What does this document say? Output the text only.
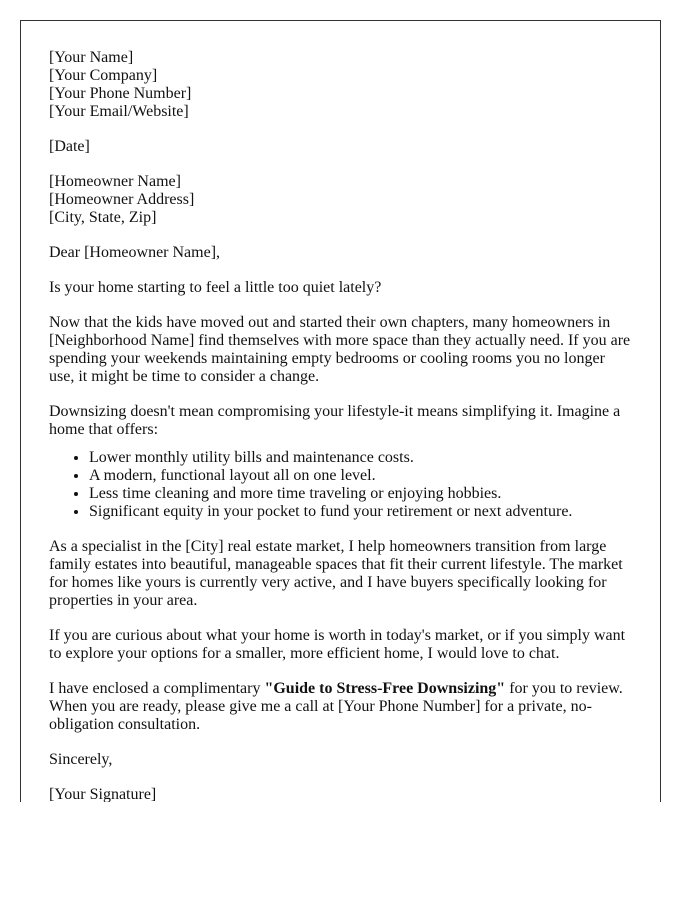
[Your Name]
[Your Company]
[Your Phone Number]
[Your Email/Website]

[Date]

[Homeowner Name]
[Homeowner Address]
[City, State, Zip]

Dear [Homeowner Name],

Is your home starting to feel a little too quiet lately?

Now that the kids have moved out and started their own chapters, many homeowners in [Neighborhood Name] find themselves with more space than they actually need. If you are spending your weekends maintaining empty bedrooms or cooling rooms you no longer use, it might be time to consider a change.

Downsizing doesn't mean compromising your lifestyle-it means simplifying it. Imagine a home that offers:

• Lower monthly utility bills and maintenance costs.
• A modern, functional layout all on one level.
• Less time cleaning and more time traveling or enjoying hobbies.
• Significant equity in your pocket to fund your retirement or next adventure.

As a specialist in the [City] real estate market, I help homeowners transition from large family estates into beautiful, manageable spaces that fit their current lifestyle. The market for homes like yours is currently very active, and I have buyers specifically looking for properties in your area.

If you are curious about what your home is worth in today's market, or if you simply want to explore your options for a smaller, more efficient home, I would love to chat.

I have enclosed a complimentary "Guide to Stress-Free Downsizing" for you to review. When you are ready, please give me a call at [Your Phone Number] for a private, no-obligation consultation.

Sincerely,

[Your Signature]
